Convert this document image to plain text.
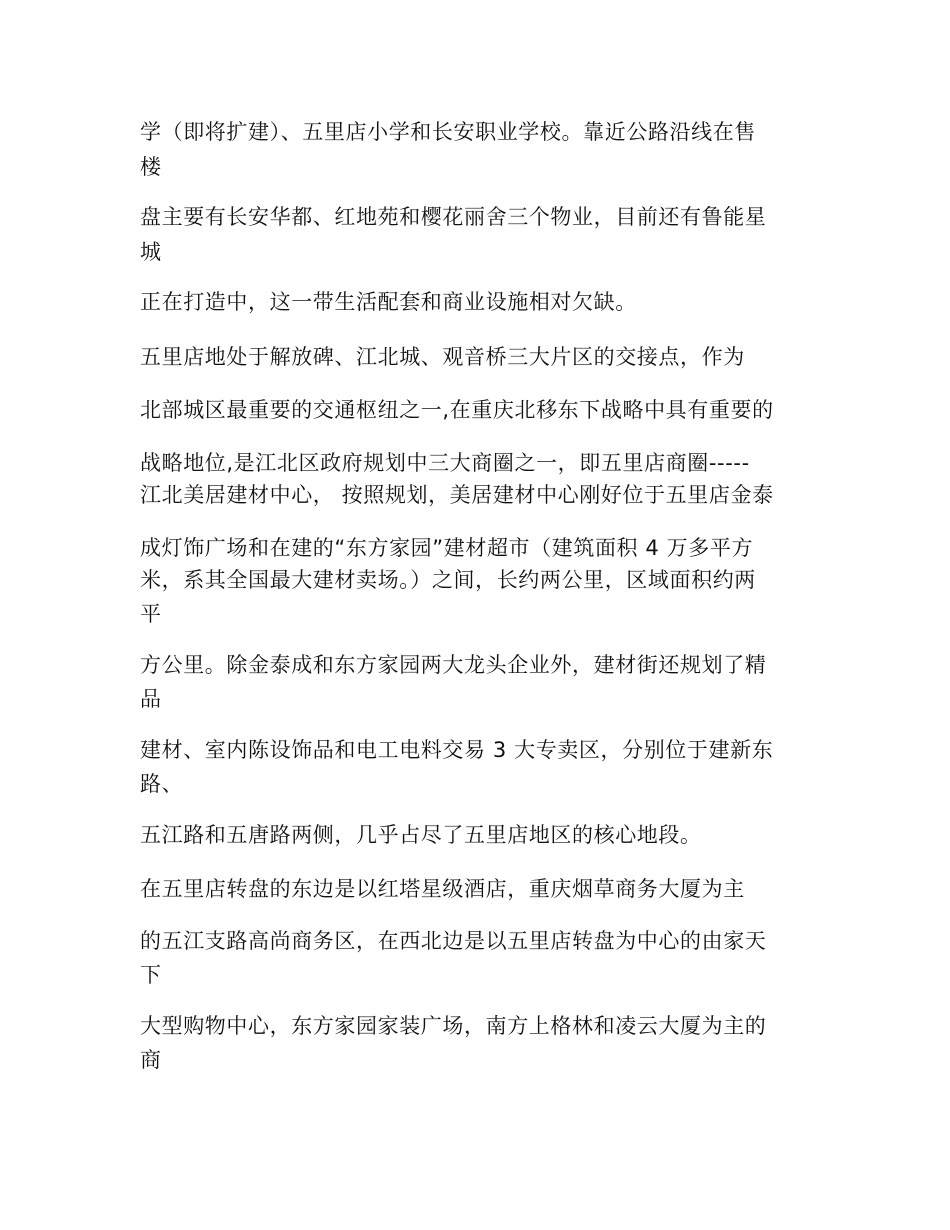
学（即将扩建）、五里店小学和长安职业学校。靠近公路沿线在售
楼
盘主要有长安华都、红地苑和樱花丽舍三个物业，目前还有鲁能星
城
正在打造中，这一带生活配套和商业设施相对欠缺。
五里店地处于解放碑、江北城、观音桥三大片区的交接点，作为
北部城区最重要的交通枢纽之一,在重庆北移东下战略中具有重要的
战略地位,是江北区政府规划中三大商圈之一，即五里店商圈-----
江北美居建材中心， 按照规划，美居建材中心刚好位于五里店金泰
成灯饰广场和在建的“东方家园”建材超市（建筑面积 4 万多平方
米，系其全国最大建材卖场。）之间，长约两公里，区域面积约两
平
方公里。除金泰成和东方家园两大龙头企业外，建材街还规划了精
品
建材、室内陈设饰品和电工电料交易 3 大专卖区，分别位于建新东
路、
五江路和五唐路两侧，几乎占尽了五里店地区的核心地段。
在五里店转盘的东边是以红塔星级酒店，重庆烟草商务大厦为主
的五江支路高尚商务区，在西北边是以五里店转盘为中心的由家天
下
大型购物中心，东方家园家装广场，南方上格林和凌云大厦为主的
商
